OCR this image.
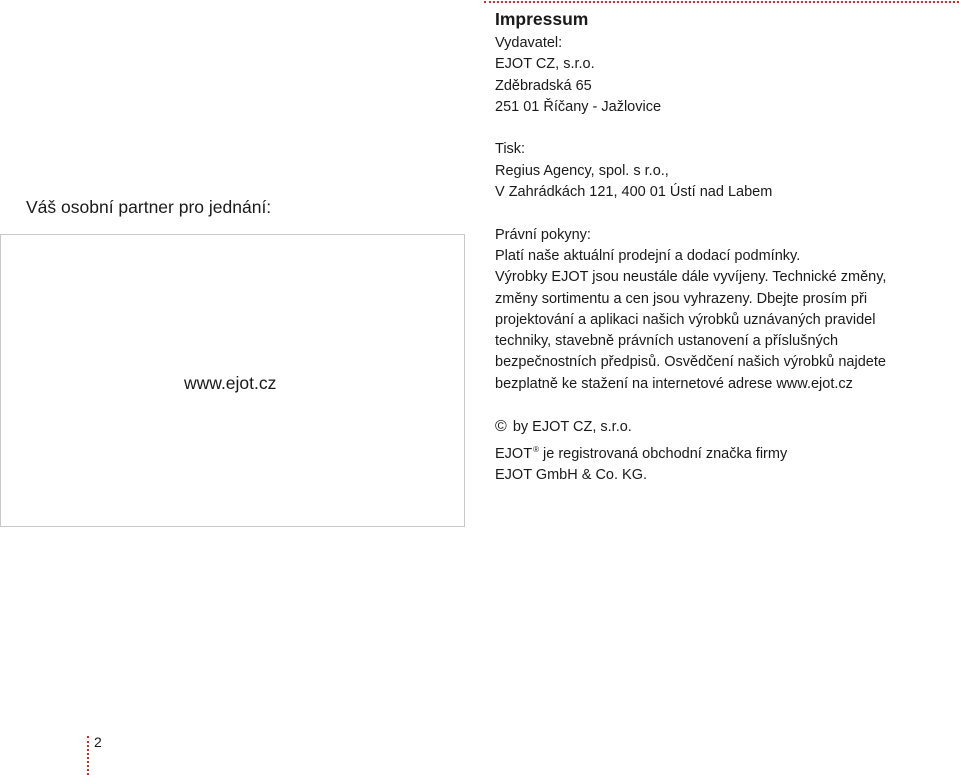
Váš osobní partner pro jednání:
www.ejot.cz
Impressum
Vydavatel:
EJOT CZ, s.r.o.
Zděbradská 65
251 01 Říčany - Jažlovice
Tisk:
Regius Agency, spol. s r.o.,
V Zahrádkách 121, 400 01 Ústí nad Labem
Právní pokyny:
Platí naše aktuální prodejní a dodací podmínky.
Výrobky EJOT jsou neustále dále vyvíjeny. Technické změny,
změny sortimentu a cen jsou vyhrazeny. Dbejte prosím při
projektování a aplikaci našich výrobků uznávaných pravidel
techniky, stavebně právních ustanovení a příslušných
bezpečnostních předpisů. Osvědčení našich výrobků najdete
bezplatně ke stažení na internetové adrese www.ejot.cz
© by EJOT CZ, s.r.o.
EJOT® je registrovaná obchodní značka firmy
EJOT GmbH & Co. KG.
2
